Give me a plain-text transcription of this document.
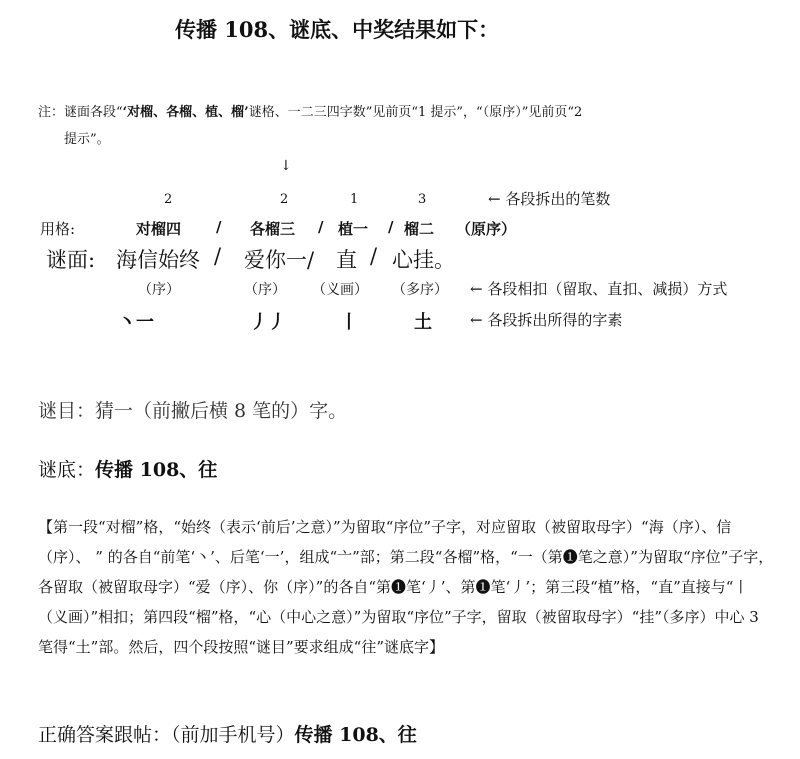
传播 108、谜底、中奖结果如下：
注：谜面各段“‘对榴、各榴、植、榴’谜格、一二三四字数”见前页“1 提示”，“（原序）”见前页“2
提示”。
↓
2	2	1	3	← 各段拆出的笔数
用格:	对榴四 / 各榴三 / 植一 / 榴二 （原序）
谜面: 海信始终 / 爱你一/ 直 / 心挂。
（序）	（序） （义画） （多序） ← 各段相扣（留取、直扣、减损）方式
丶一	丿丿	丨	土	← 各段拆出所得的字素
谜目：猜一（前撇后横 8 笔的）字。
谜底：传播 108、往
【第一段“对榴”格，“始终（表示‘前后’之意）”为留取“序位”子字，对应留取（被留取母字）“海（序）、信（序）、 ” 的各自“前笔‘丶’、后笔‘一’，组成“亠”部；第二段“各榴”格，“一（第❶笔之意）”为留取“序位”子字，各留取（被留取母字）“爱（序）、你（序）”的各自“第❶笔‘丿’、第❶笔‘丿’；第三段“植”格，“直”直接与“丨（义画）”相扣；第四段“榴”格，“心（中心之意）”为留取“序位”子字，留取（被留取母字）“挂”（多序）中心 3 笔得“土”部。然后，四个段按照“谜目”要求组成“往”谜底字】
正确答案跟帖：（前加手机号）传播 108、往
